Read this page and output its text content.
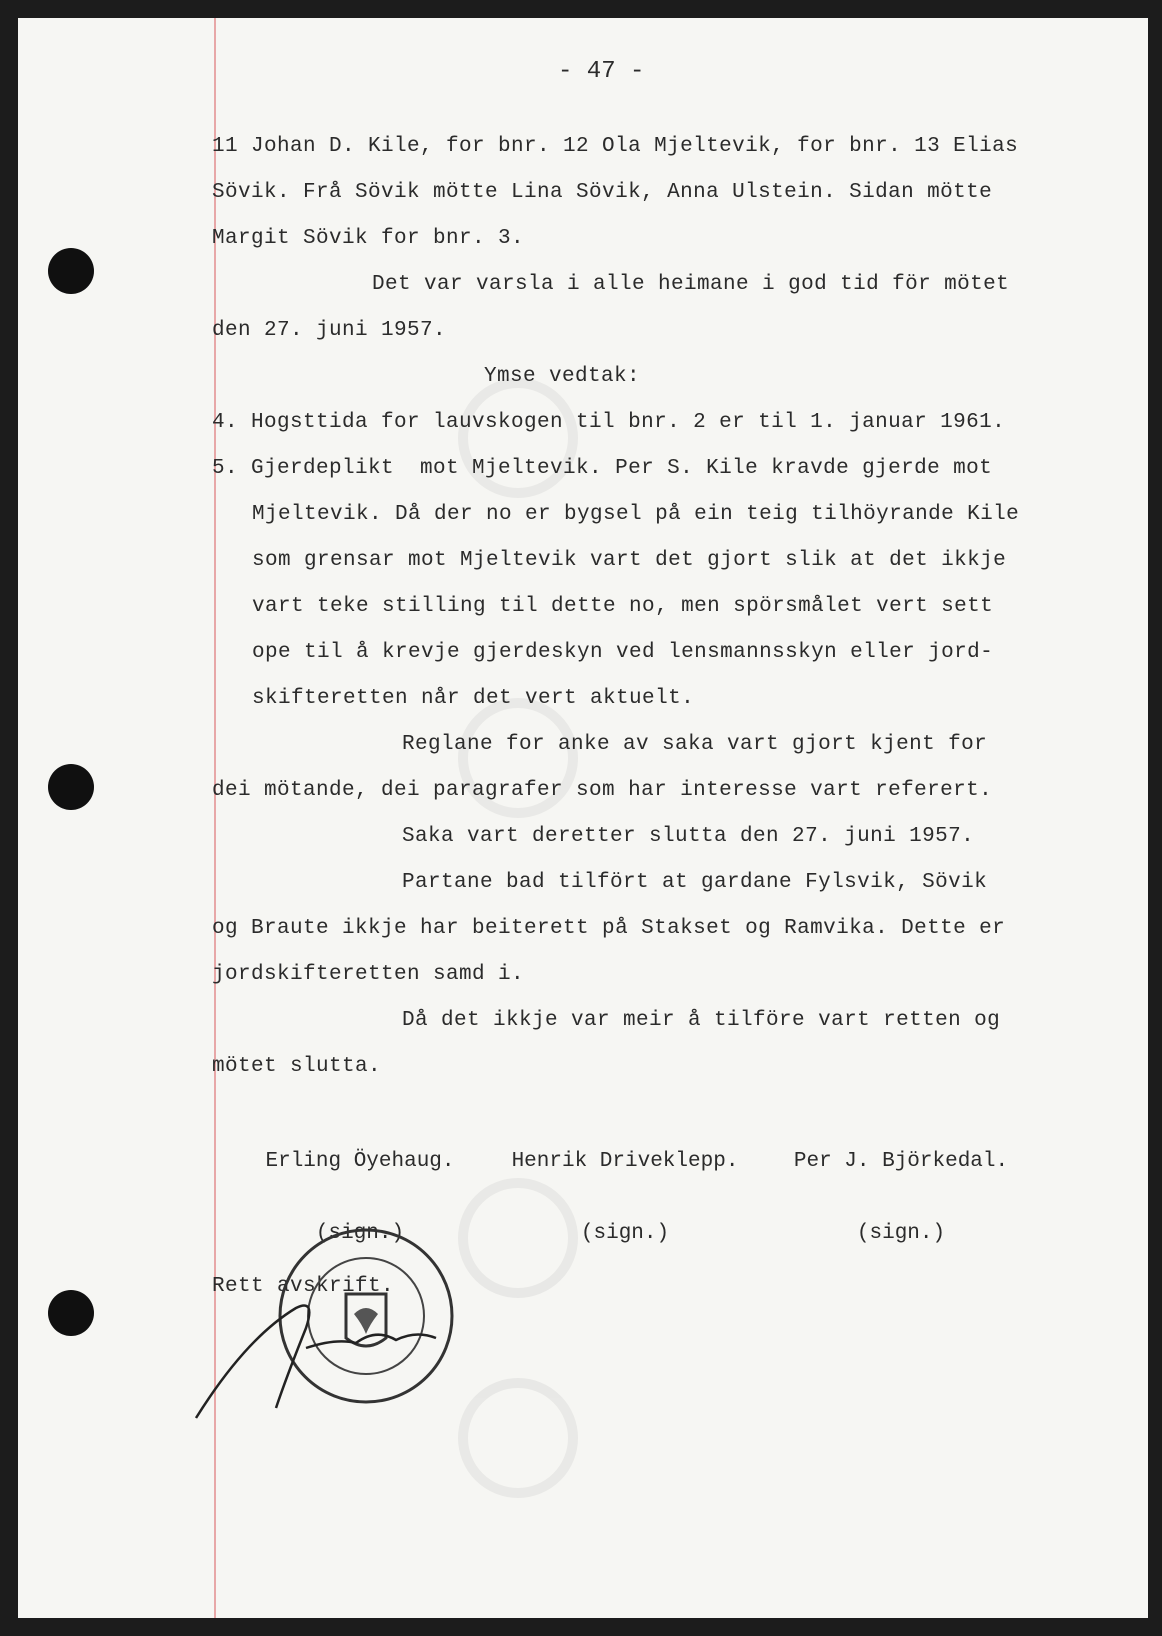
- 47 -
11 Johan D. Kile, for bnr. 12 Ola Mjeltevik, for bnr. 13 Elias
Sövik. Frå Sövik mötte Lina Sövik, Anna Ulstein. Sidan mötte
Margit Sövik for bnr. 3.
Det var varsla i alle heimane i god tid för mötet
den 27. juni 1957.
Ymse vedtak:
4. Hogsttida for lauvskogen til bnr. 2 er til 1. januar 1961.
5. Gjerdeplikt  mot Mjeltevik. Per S. Kile kravde gjerde mot
Mjeltevik. Då der no er bygsel på ein teig tilhöyrande Kile
som grensar mot Mjeltevik vart det gjort slik at det ikkje
vart teke stilling til dette no, men spörsmålet vert sett
ope til å krevje gjerdeskyn ved lensmannsskyn eller jord-
skifteretten når det vert aktuelt.
Reglane for anke av saka vart gjort kjent for
dei mötande, dei paragrafer som har interesse vart referert.
Saka vart deretter slutta den 27. juni 1957.
Partane bad tilfört at gardane Fylsvik, Sövik
og Braute ikkje har beiterett på Stakset og Ramvika. Dette er
jordskifteretten samd i.
Då det ikkje var meir å tilföre vart retten og
mötet slutta.

Erling Öyehaug.

(sign.)

Henrik Driveklepp.

(sign.)

Per J. Björkedal.

(sign.)

Rett avskrift.
